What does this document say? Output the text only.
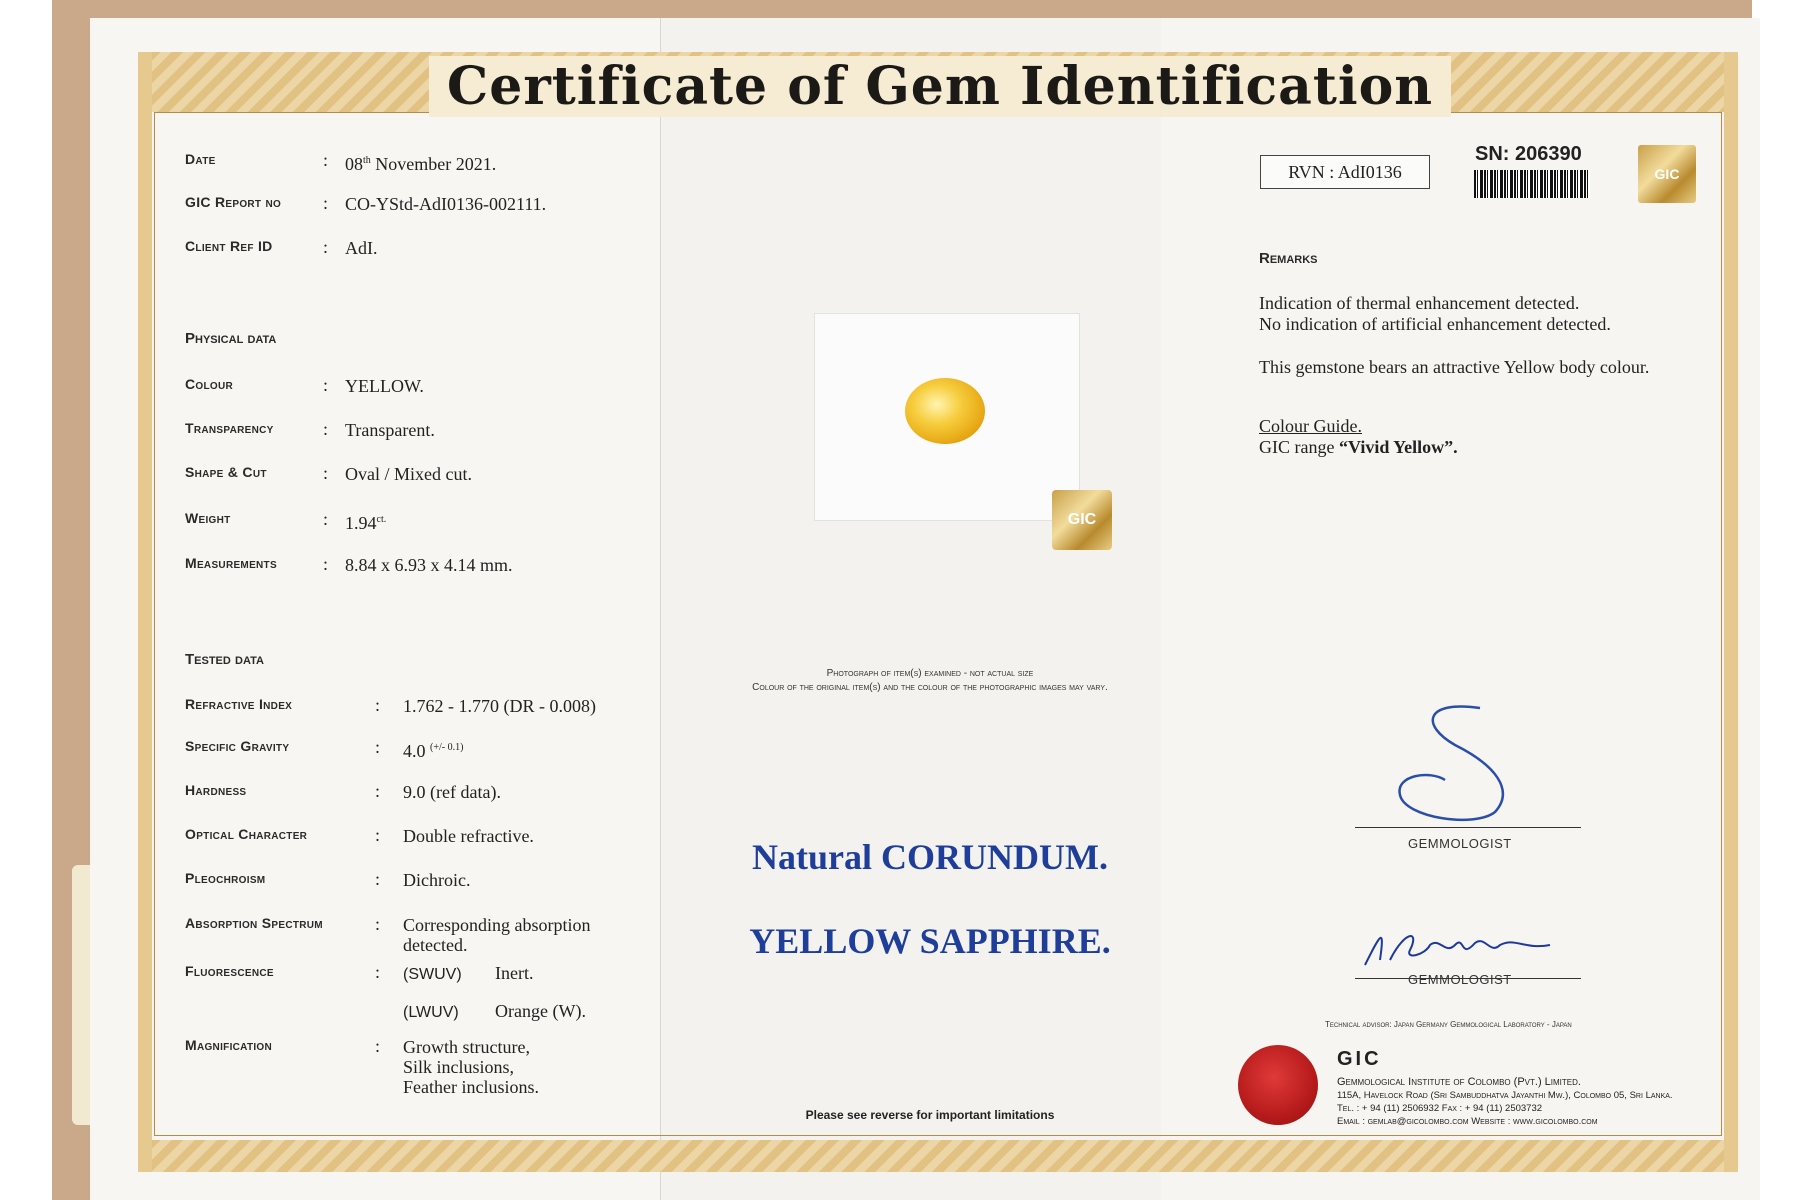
Certificate of Gem Identification
Date	: 08th November 2021.
GIC Report no	: CO-YStd-AdI0136-002111.
Client Ref ID	: AdI.
Physical data
Colour	: YELLOW.
Transparency	: Transparent.
Shape & Cut	: Oval / Mixed cut.
Weight	: $1.94^{ct.}$
Measurements	: 8.84 x 6.93 x 4.14 mm.
Tested data
Refractive Index	:	1.762 - 1.770 (DR - 0.008)
Specific Gravity	:	4.0 $^{(+/- 0.1)}$
Hardness	:	9.0 (ref data).
Optical Character	:	Double refractive.
Pleochroism	:	Dichroic.
Absorption Spectrum	:	Corresponding absorption
detected.
Fluorescence	:	(SWUV) Inert.
(LWUV) Orange (W).
Magnification	:	Growth structure,
Silk inclusions,
Feather inclusions.
GIC
Photograph of item(s) examined - not actual size
Colour of the original item(s) and the colour of the photographic images may vary.
Natural CORUNDUM.
YELLOW SAPPHIRE.
Please see reverse for important limitations
RVN : AdI0136
SN: 206390
GIC
Remarks
Indication of thermal enhancement detected.
No indication of artificial enhancement detected.
This gemstone bears an attractive Yellow body colour.
Colour Guide.
GIC range “Vivid Yellow”.
GEMMOLOGIST
GEMMOLOGIST
Technical advisor: Japan Germany Gemmological Laboratory - Japan
GIC
Gemmological Institute of Colombo (Pvt.) Limited.
115A, Havelock Road (Sri Sambuddhatva Jayanthi Mw.), Colombo 05, Sri Lanka.
Tel. : + 94 (11) 2506932 Fax : + 94 (11) 2503732
Email : gemlab@gicolombo.com Website : www.gicolombo.com
